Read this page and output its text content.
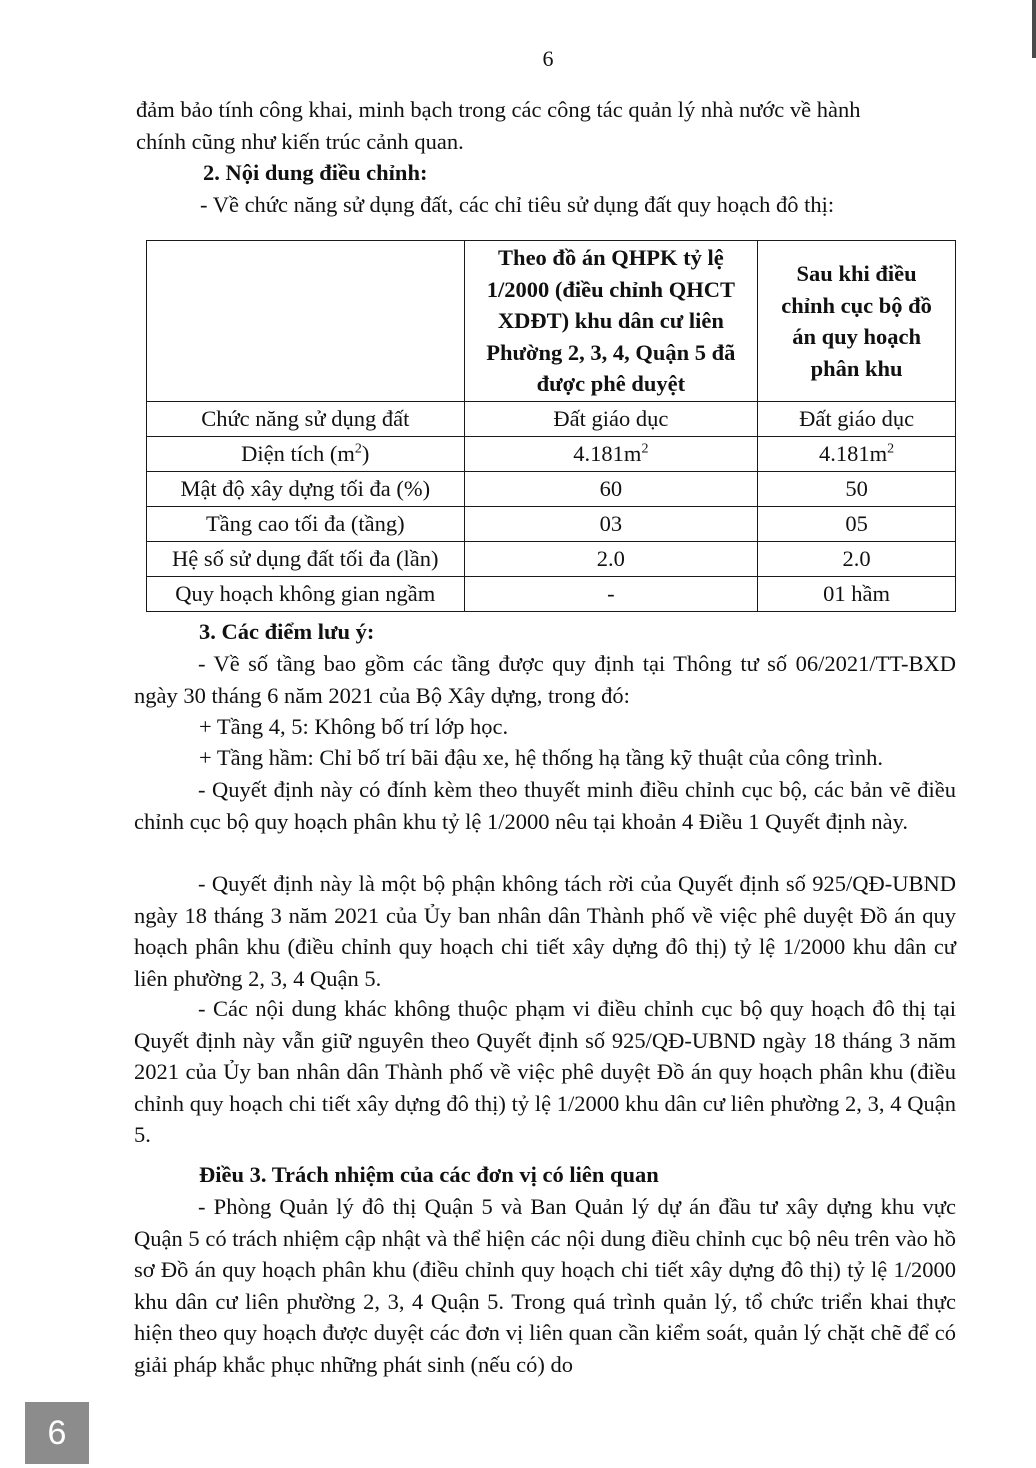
6

đảm bảo tính công khai, minh bạch trong các công tác quản lý nhà nước về hành

chính cũng như kiến trúc cảnh quan.

2. Nội dung điều chỉnh:

- Về chức năng sử dụng đất, các chỉ tiêu sử dụng đất quy hoạch đô thị:

	Theo đồ án QHPK tỷ lệ 1/2000 (điều chỉnh QHCT XDĐT) khu dân cư liên Phường 2, 3, 4, Quận 5 đã được phê duyệt	Sau khi điều chỉnh cục bộ đồ án quy hoạch phân khu
Chức năng sử dụng đất	Đất giáo dục	Đất giáo dục
Diện tích $(m^2)$	$4.181m^2$	$4.181m^2$
Mật độ xây dựng tối đa (%)	60	50
Tầng cao tối đa (tầng)	03	05
Hệ số sử dụng đất tối đa (lần)	2.0	2.0
Quy hoạch không gian ngầm	-	01 hầm

3. Các điểm lưu ý:

- Về số tầng bao gồm các tầng được quy định tại Thông tư số 06/2021/TT-BXD ngày 30 tháng 6 năm 2021 của Bộ Xây dựng, trong đó:

+ Tầng 4, 5: Không bố trí lớp học.

+ Tầng hầm: Chỉ bố trí bãi đậu xe, hệ thống hạ tầng kỹ thuật của công trình.

- Quyết định này có đính kèm theo thuyết minh điều chỉnh cục bộ, các bản vẽ điều chỉnh cục bộ quy hoạch phân khu tỷ lệ 1/2000 nêu tại khoản 4 Điều 1 Quyết định này.

- Quyết định này là một bộ phận không tách rời của Quyết định số 925/QĐ-UBND ngày 18 tháng 3 năm 2021 của Ủy ban nhân dân Thành phố về việc phê duyệt Đồ án quy hoạch phân khu (điều chỉnh quy hoạch chi tiết xây dựng đô thị) tỷ lệ 1/2000 khu dân cư liên phường 2, 3, 4 Quận 5.

- Các nội dung khác không thuộc phạm vi điều chỉnh cục bộ quy hoạch đô thị tại Quyết định này vẫn giữ nguyên theo Quyết định số 925/QĐ-UBND ngày 18 tháng 3 năm 2021 của Ủy ban nhân dân Thành phố về việc phê duyệt Đồ án quy hoạch phân khu (điều chỉnh quy hoạch chi tiết xây dựng đô thị) tỷ lệ 1/2000 khu dân cư liên phường 2, 3, 4 Quận 5.

Điều 3. Trách nhiệm của các đơn vị có liên quan

- Phòng Quản lý đô thị Quận 5 và Ban Quản lý dự án đầu tư xây dựng khu vực Quận 5 có trách nhiệm cập nhật và thể hiện các nội dung điều chỉnh cục bộ nêu trên vào hồ sơ Đồ án quy hoạch phân khu (điều chỉnh quy hoạch chi tiết xây dựng đô thị) tỷ lệ 1/2000 khu dân cư liên phường 2, 3, 4 Quận 5. Trong quá trình quản lý, tổ chức triển khai thực hiện theo quy hoạch được duyệt các đơn vị liên quan cần kiểm soát, quản lý chặt chẽ để có giải pháp khắc phục những phát sinh (nếu có) do

6
